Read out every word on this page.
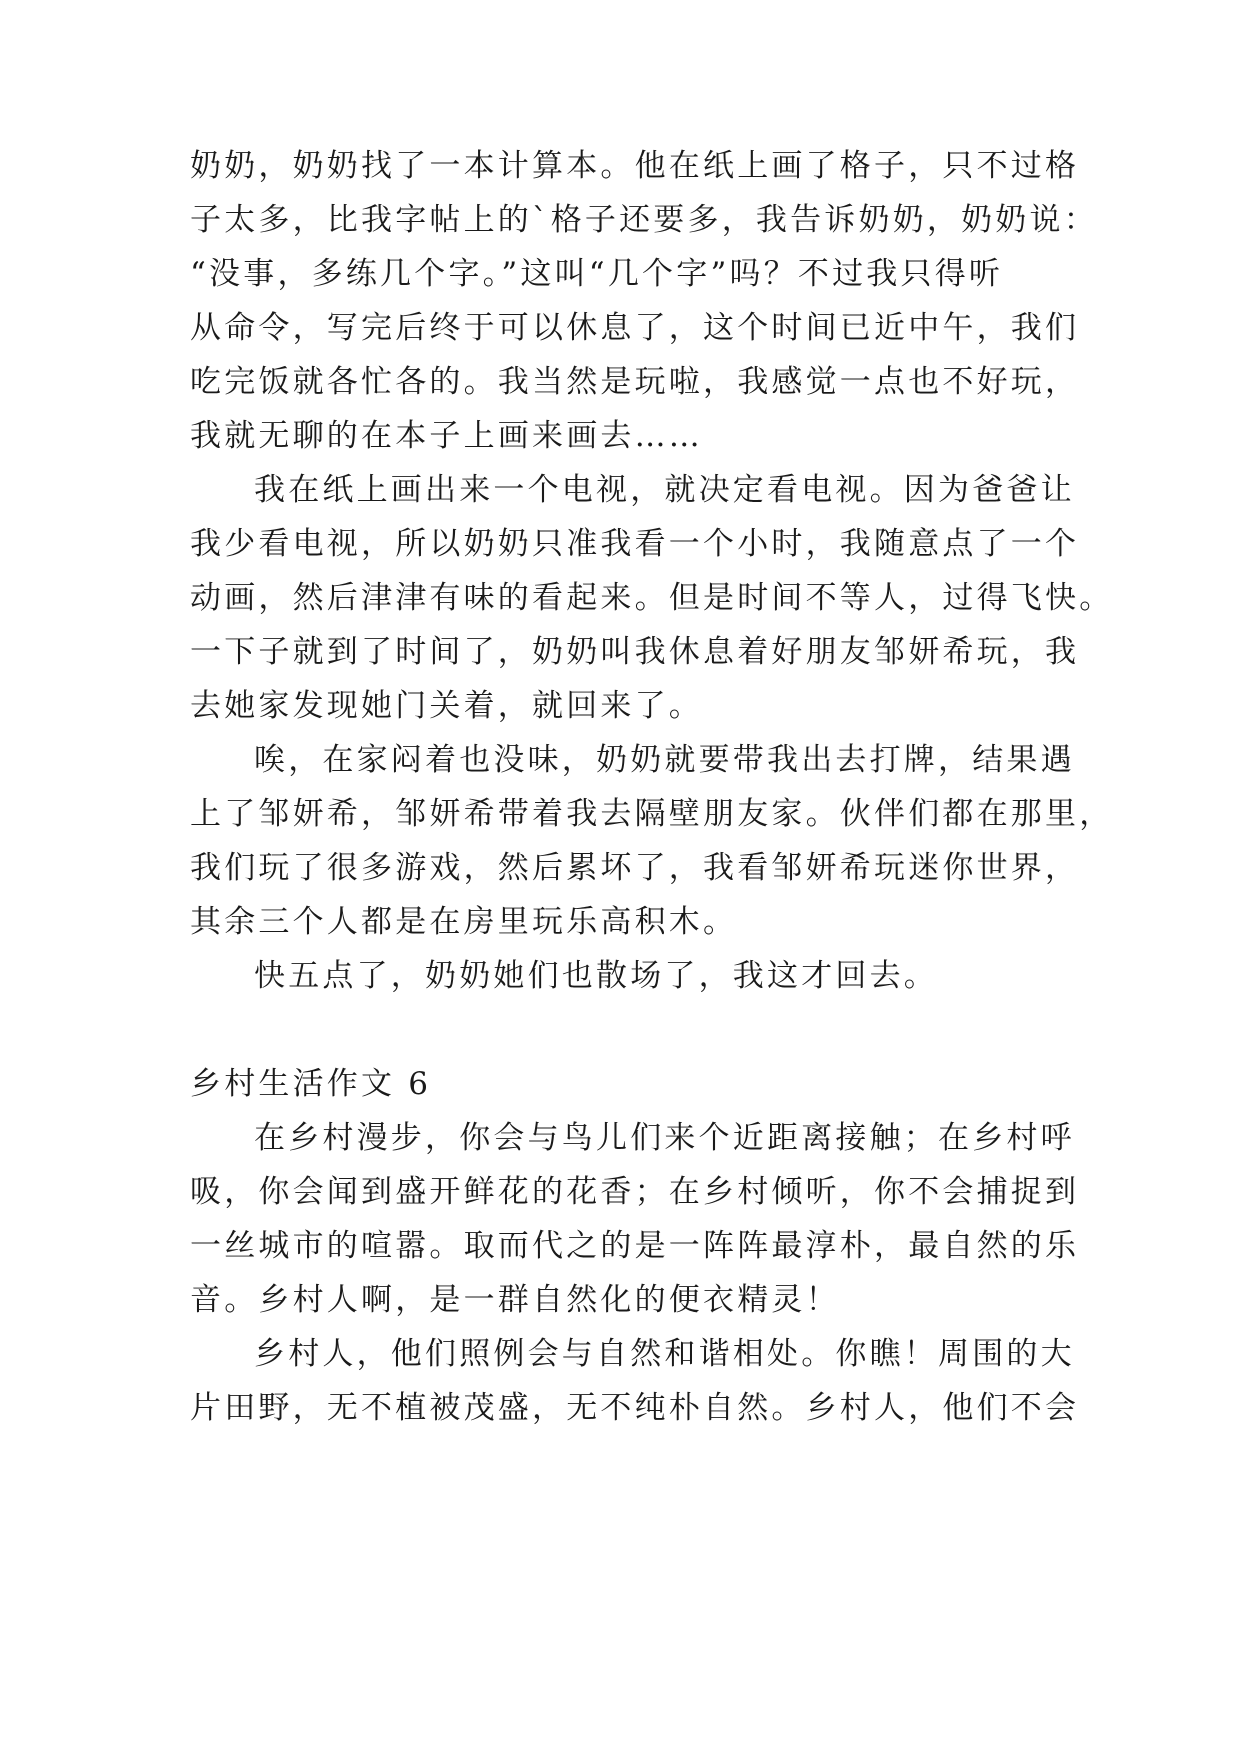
奶奶，奶奶找了一本计算本。他在纸上画了格子，只不过格
子太多，比我字帖上的`格子还要多，我告诉奶奶，奶奶说：
“没事，多练几个字。”这叫“几个字”吗？不过我只得听
从命令，写完后终于可以休息了，这个时间已近中午，我们
吃完饭就各忙各的。我当然是玩啦，我感觉一点也不好玩，
我就无聊的在本子上画来画去……
我在纸上画出来一个电视，就决定看电视。因为爸爸让
我少看电视，所以奶奶只准我看一个小时，我随意点了一个
动画，然后津津有味的看起来。但是时间不等人，过得飞快。
一下子就到了时间了，奶奶叫我休息着好朋友邹妍希玩，我
去她家发现她门关着，就回来了。
唉，在家闷着也没味，奶奶就要带我出去打牌，结果遇
上了邹妍希，邹妍希带着我去隔壁朋友家。伙伴们都在那里，
我们玩了很多游戏，然后累坏了，我看邹妍希玩迷你世界，
其余三个人都是在房里玩乐高积木。
快五点了，奶奶她们也散场了，我这才回去。
乡村生活作文 6
在乡村漫步，你会与鸟儿们来个近距离接触；在乡村呼
吸，你会闻到盛开鲜花的花香；在乡村倾听，你不会捕捉到
一丝城市的喧嚣。取而代之的是一阵阵最淳朴，最自然的乐
音。乡村人啊，是一群自然化的便衣精灵！
乡村人，他们照例会与自然和谐相处。你瞧！周围的大
片田野，无不植被茂盛，无不纯朴自然。乡村人，他们不会
